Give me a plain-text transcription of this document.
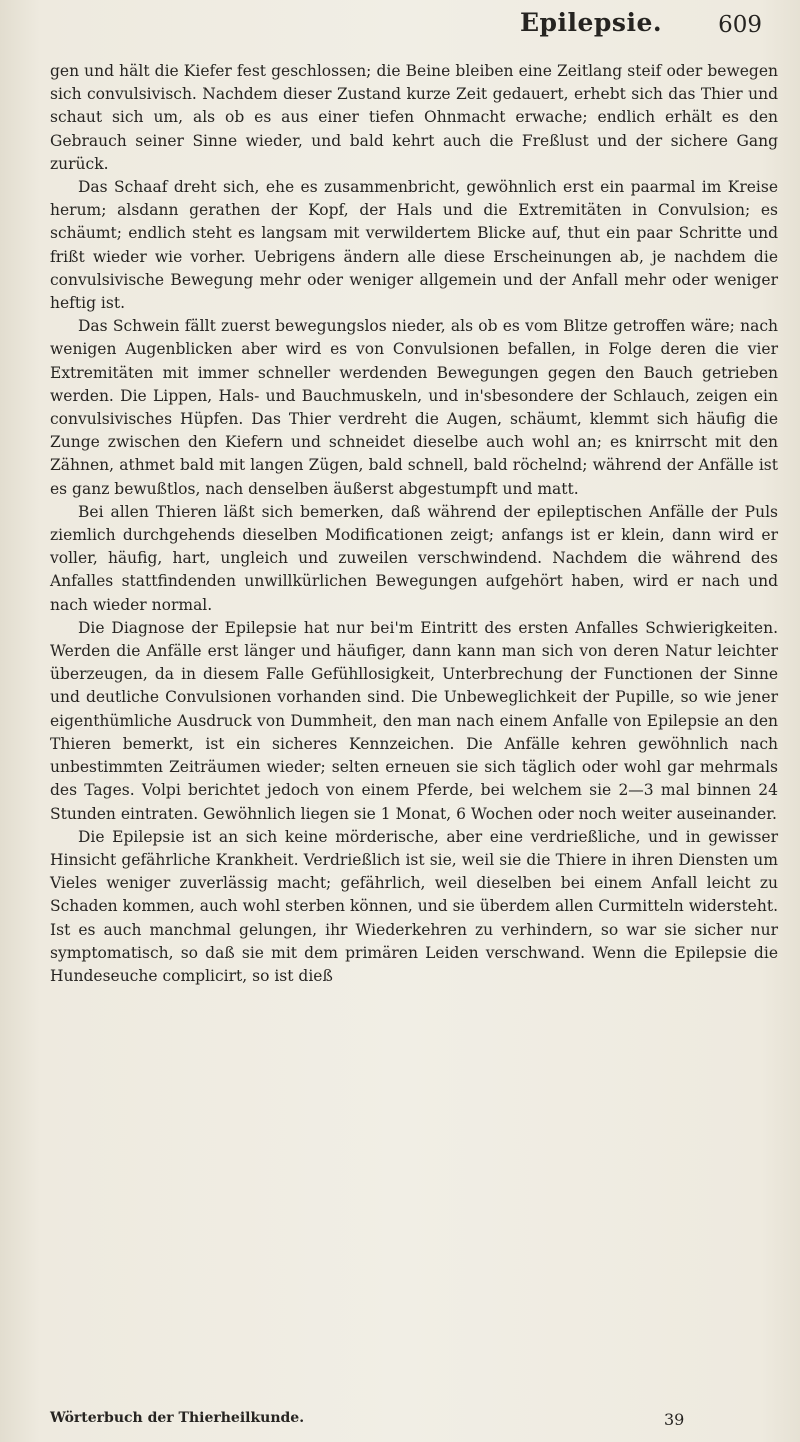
Epilepsie. 609

gen und hält die Kiefer fest geschlossen; die Beine bleiben eine Zeitlang steif oder bewegen sich convulsivisch. Nachdem dieser Zustand kurze Zeit gedauert, erhebt sich das Thier und schaut sich um, als ob es aus einer tiefen Ohnmacht erwache; endlich erhält es den Gebrauch seiner Sinne wieder, und bald kehrt auch die Freßlust und der sichere Gang zurück.

Das Schaaf dreht sich, ehe es zusammenbricht, gewöhnlich erst ein paarmal im Kreise herum; alsdann gerathen der Kopf, der Hals und die Extremitäten in Convulsion; es schäumt; endlich steht es langsam mit verwildertem Blicke auf, thut ein paar Schritte und frißt wieder wie vorher. Uebrigens ändern alle diese Erscheinungen ab, je nachdem die convulsivische Bewegung mehr oder weniger allgemein und der Anfall mehr oder weniger heftig ist.

Das Schwein fällt zuerst bewegungslos nieder, als ob es vom Blitze getroffen wäre; nach wenigen Augenblicken aber wird es von Convulsionen befallen, in Folge deren die vier Extremitäten mit immer schneller werdenden Bewegungen gegen den Bauch getrieben werden. Die Lippen, Hals- und Bauchmuskeln, und in'sbesondere der Schlauch, zeigen ein convulsivisches Hüpfen. Das Thier verdreht die Augen, schäumt, klemmt sich häufig die Zunge zwischen den Kiefern und schneidet dieselbe auch wohl an; es knirrscht mit den Zähnen, athmet bald mit langen Zügen, bald schnell, bald röchelnd; während der Anfälle ist es ganz bewußtlos, nach denselben äußerst abgestumpft und matt.

Bei allen Thieren läßt sich bemerken, daß während der epileptischen Anfälle der Puls ziemlich durchgehends dieselben Modificationen zeigt; anfangs ist er klein, dann wird er voller, häufig, hart, ungleich und zuweilen verschwindend. Nachdem die während des Anfalles stattfindenden unwillkürlichen Bewegungen aufgehört haben, wird er nach und nach wieder normal.

Die Diagnose der Epilepsie hat nur bei'm Eintritt des ersten Anfalles Schwierigkeiten. Werden die Anfälle erst länger und häufiger, dann kann man sich von deren Natur leichter überzeugen, da in diesem Falle Gefühllosigkeit, Unterbrechung der Functionen der Sinne und deutliche Convulsionen vorhanden sind. Die Unbeweglichkeit der Pupille, so wie jener eigenthümliche Ausdruck von Dummheit, den man nach einem Anfalle von Epilepsie an den Thieren bemerkt, ist ein sicheres Kennzeichen. Die Anfälle kehren gewöhnlich nach unbestimmten Zeiträumen wieder; selten erneuen sie sich täglich oder wohl gar mehrmals des Tages. Volpi berichtet jedoch von einem Pferde, bei welchem sie 2—3 mal binnen 24 Stunden eintraten. Gewöhnlich liegen sie 1 Monat, 6 Wochen oder noch weiter auseinander.

Die Epilepsie ist an sich keine mörderische, aber eine verdrießliche, und in gewisser Hinsicht gefährliche Krankheit. Verdrießlich ist sie, weil sie die Thiere in ihren Diensten um Vieles weniger zuverlässig macht; gefährlich, weil dieselben bei einem Anfall leicht zu Schaden kommen, auch wohl sterben können, und sie überdem allen Curmitteln widersteht. Ist es auch manchmal gelungen, ihr Wiederkehren zu verhindern, so war sie sicher nur symptomatisch, so daß sie mit dem primären Leiden verschwand. Wenn die Epilepsie die Hundeseuche complicirt, so ist dieß

Wörterbuch der Thierheilkunde.	39
